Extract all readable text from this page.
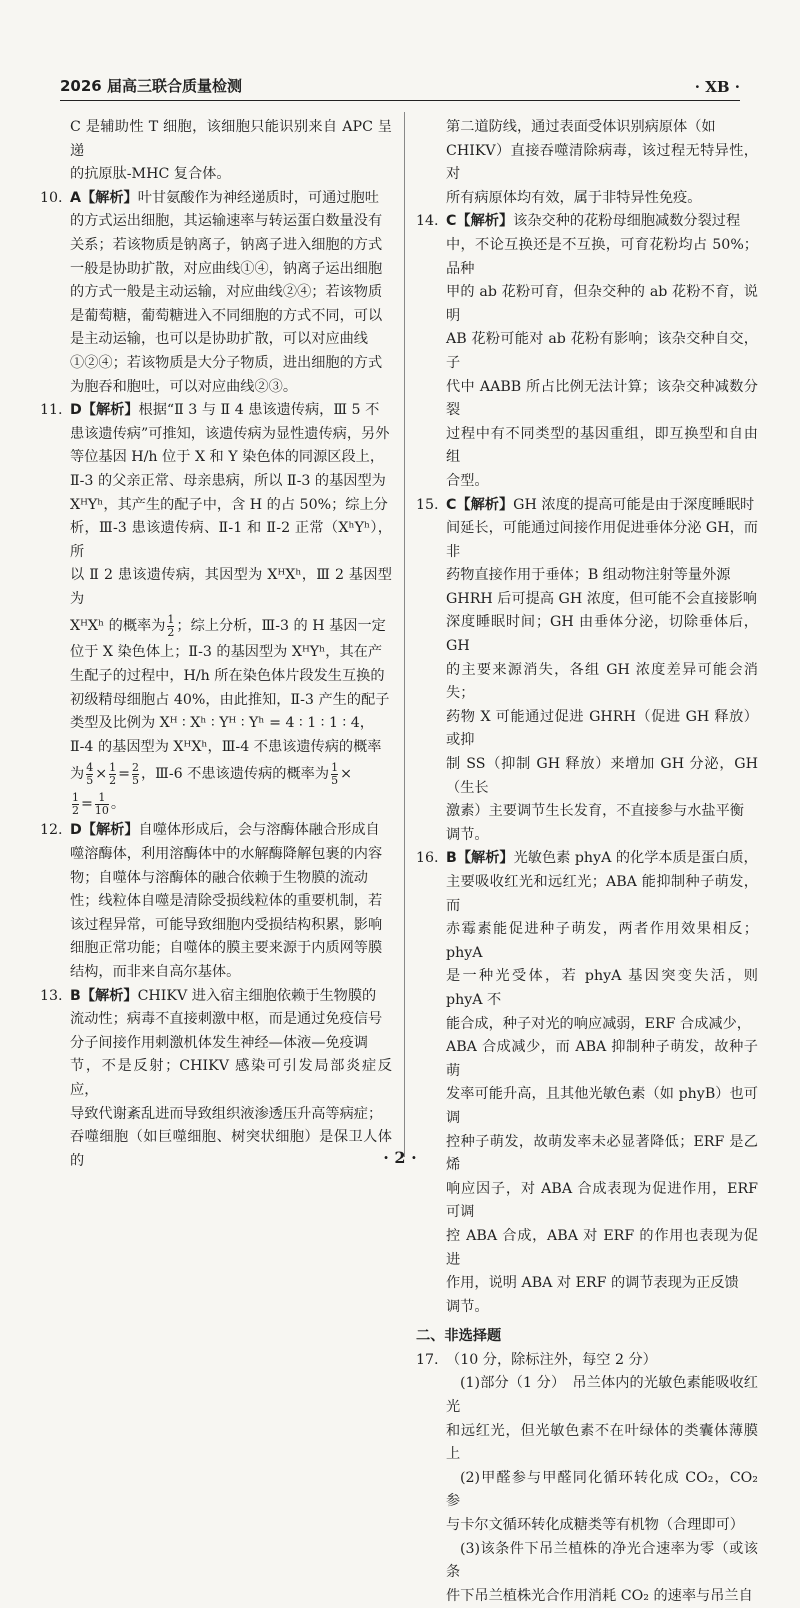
2026 届高三联合质量检测	· XB ·

C 是辅助性 T 细胞，该细胞只能识别来自 APC 呈递

的抗原肽-MHC 复合体。

10. A【解析】叶甘氨酸作为神经递质时，可通过胞吐

的方式运出细胞，其运输速率与转运蛋白数量没有

关系；若该物质是钠离子，钠离子进入细胞的方式

一般是协助扩散，对应曲线①④，钠离子运出细胞

的方式一般是主动运输，对应曲线②④；若该物质

是葡萄糖，葡萄糖进入不同细胞的方式不同，可以

是主动运输，也可以是协助扩散，可以对应曲线

①②④；若该物质是大分子物质，进出细胞的方式

为胞吞和胞吐，可以对应曲线②③。

11. D【解析】根据“Ⅱ 3 与 Ⅱ 4 患该遗传病，Ⅲ 5 不

患该遗传病”可推知，该遗传病为显性遗传病，另外

等位基因 H/h 位于 X 和 Y 染色体的同源区段上，

Ⅱ-3 的父亲正常、母亲患病，所以 Ⅱ-3 的基因型为

XᴴYʰ，其产生的配子中，含 H 的占 50%；综上分

析，Ⅲ-3 患该遗传病、Ⅱ-1 和 Ⅱ-2 正常（XʰYʰ），所

以 Ⅱ 2 患该遗传病，其因型为 XᴴXʰ，Ⅲ 2 基因型为

XᴴXʰ 的概率为 $\frac{1}{2}$ ；综上分析，Ⅲ-3 的 H 基因一定

位于 X 染色体上；Ⅱ-3 的基因型为 XᴴYʰ，其在产

生配子的过程中，H/h 所在染色体片段发生互换的

初级精母细胞占 40%，由此推知，Ⅱ-3 产生的配子

类型及比例为 Xᴴ ∶ Xʰ ∶ Yᴴ ∶ Yʰ = 4 ∶ 1 ∶ 1 ∶ 4，

Ⅱ-4 的基因型为 XᴴXʰ，Ⅲ-4 不患该遗传病的概率

为 $\frac{4}{5} \times \frac{1}{2} = \frac{2}{5}$ ，Ⅲ-6 不患该遗传病的概率为 $\frac{1}{5}$ ×

$\frac{1}{2} = \frac{1}{10}$ 。

12. D【解析】自噬体形成后，会与溶酶体融合形成自

噬溶酶体，利用溶酶体中的水解酶降解包裹的内容

物；自噬体与溶酶体的融合依赖于生物膜的流动

性；线粒体自噬是清除受损线粒体的重要机制，若

该过程异常，可能导致细胞内受损结构积累，影响

细胞正常功能；自噬体的膜主要来源于内质网等膜

结构，而非来自高尔基体。

13. B【解析】CHIKV 进入宿主细胞依赖于生物膜的

流动性；病毒不直接刺激中枢，而是通过免疫信号

分子间接作用刺激机体发生神经—体液—免疫调

节，不是反射；CHIKV 感染可引发局部炎症反应，

导致代谢紊乱进而导致组织液渗透压升高等病症；

吞噬细胞（如巨噬细胞、树突状细胞）是保卫人体的

第二道防线，通过表面受体识别病原体（如

CHIKV）直接吞噬清除病毒，该过程无特异性，对

所有病原体均有效，属于非特异性免疫。

14. C【解析】该杂交种的花粉母细胞减数分裂过程

中，不论互换还是不互换，可育花粉均占 50%；品种

甲的 ab 花粉可育，但杂交种的 ab 花粉不育，说明

AB 花粉可能对 ab 花粉有影响；该杂交种自交，子

代中 AABB 所占比例无法计算；该杂交种减数分裂

过程中有不同类型的基因重组，即互换型和自由组

合型。

15. C【解析】GH 浓度的提高可能是由于深度睡眠时

间延长，可能通过间接作用促进垂体分泌 GH，而非

药物直接作用于垂体；B 组动物注射等量外源

GHRH 后可提高 GH 浓度，但可能不会直接影响

深度睡眠时间；GH 由垂体分泌，切除垂体后，GH

的主要来源消失，各组 GH 浓度差异可能会消失；

药物 X 可能通过促进 GHRH（促进 GH 释放）或抑

制 SS（抑制 GH 释放）来增加 GH 分泌，GH（生长

激素）主要调节生长发育，不直接参与水盐平衡

调节。

16. B【解析】光敏色素 phyA 的化学本质是蛋白质，

主要吸收红光和远红光；ABA 能抑制种子萌发，而

赤霉素能促进种子萌发，两者作用效果相反；phyA

是一种光受体，若 phyA 基因突变失活，则 phyA 不

能合成，种子对光的响应减弱，ERF 合成减少，

ABA 合成减少，而 ABA 抑制种子萌发，故种子萌

发率可能升高，且其他光敏色素（如 phyB）也可调

控种子萌发，故萌发率未必显著降低；ERF 是乙烯

响应因子，对 ABA 合成表现为促进作用，ERF 可调

控 ABA 合成，ABA 对 ERF 的作用也表现为促进

作用，说明 ABA 对 ERF 的调节表现为正反馈

调节。

二、非选择题

17. （10 分，除标注外，每空 2 分）

(1)部分（1 分）　吊兰体内的光敏色素能吸收红光

和远红光，但光敏色素不在叶绿体的类囊体薄膜上

(2)甲醛参与甲醛同化循环转化成 CO₂，CO₂ 参

与卡尔文循环转化成糖类等有机物（合理即可）

(3)该条件下吊兰植株的净光合速率为零（或该条

件下吊兰植株光合作用消耗 CO₂ 的速率与吊兰自

· 2 ·
